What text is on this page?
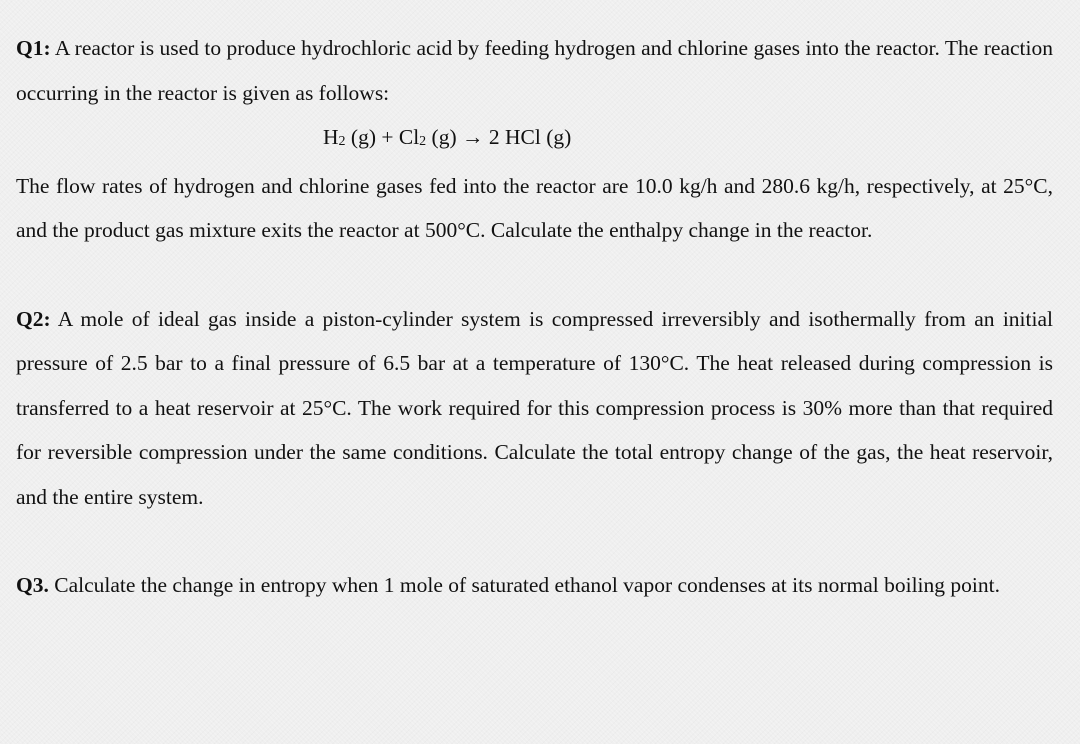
Q1: A reactor is used to produce hydrochloric acid by feeding hydrogen and chlorine gases into the reactor. The reaction occurring in the reactor is given as follows:

$H_2$ $(g) + Cl_2$ (g) → 2 HCl (g)

The flow rates of hydrogen and chlorine gases fed into the reactor are 10.0 kg/h and 280.6 kg/h, respectively, at 25°C, and the product gas mixture exits the reactor at 500°C. Calculate the enthalpy change in the reactor.

Q2: A mole of ideal gas inside a piston-cylinder system is compressed irreversibly and isothermally from an initial pressure of 2.5 bar to a final pressure of 6.5 bar at a temperature of 130°C. The heat released during compression is transferred to a heat reservoir at 25°C. The work required for this compression process is 30% more than that required for reversible compression under the same conditions. Calculate the total entropy change of the gas, the heat reservoir, and the entire system.

Q3. Calculate the change in entropy when 1 mole of saturated ethanol vapor condenses at its normal boiling point.
